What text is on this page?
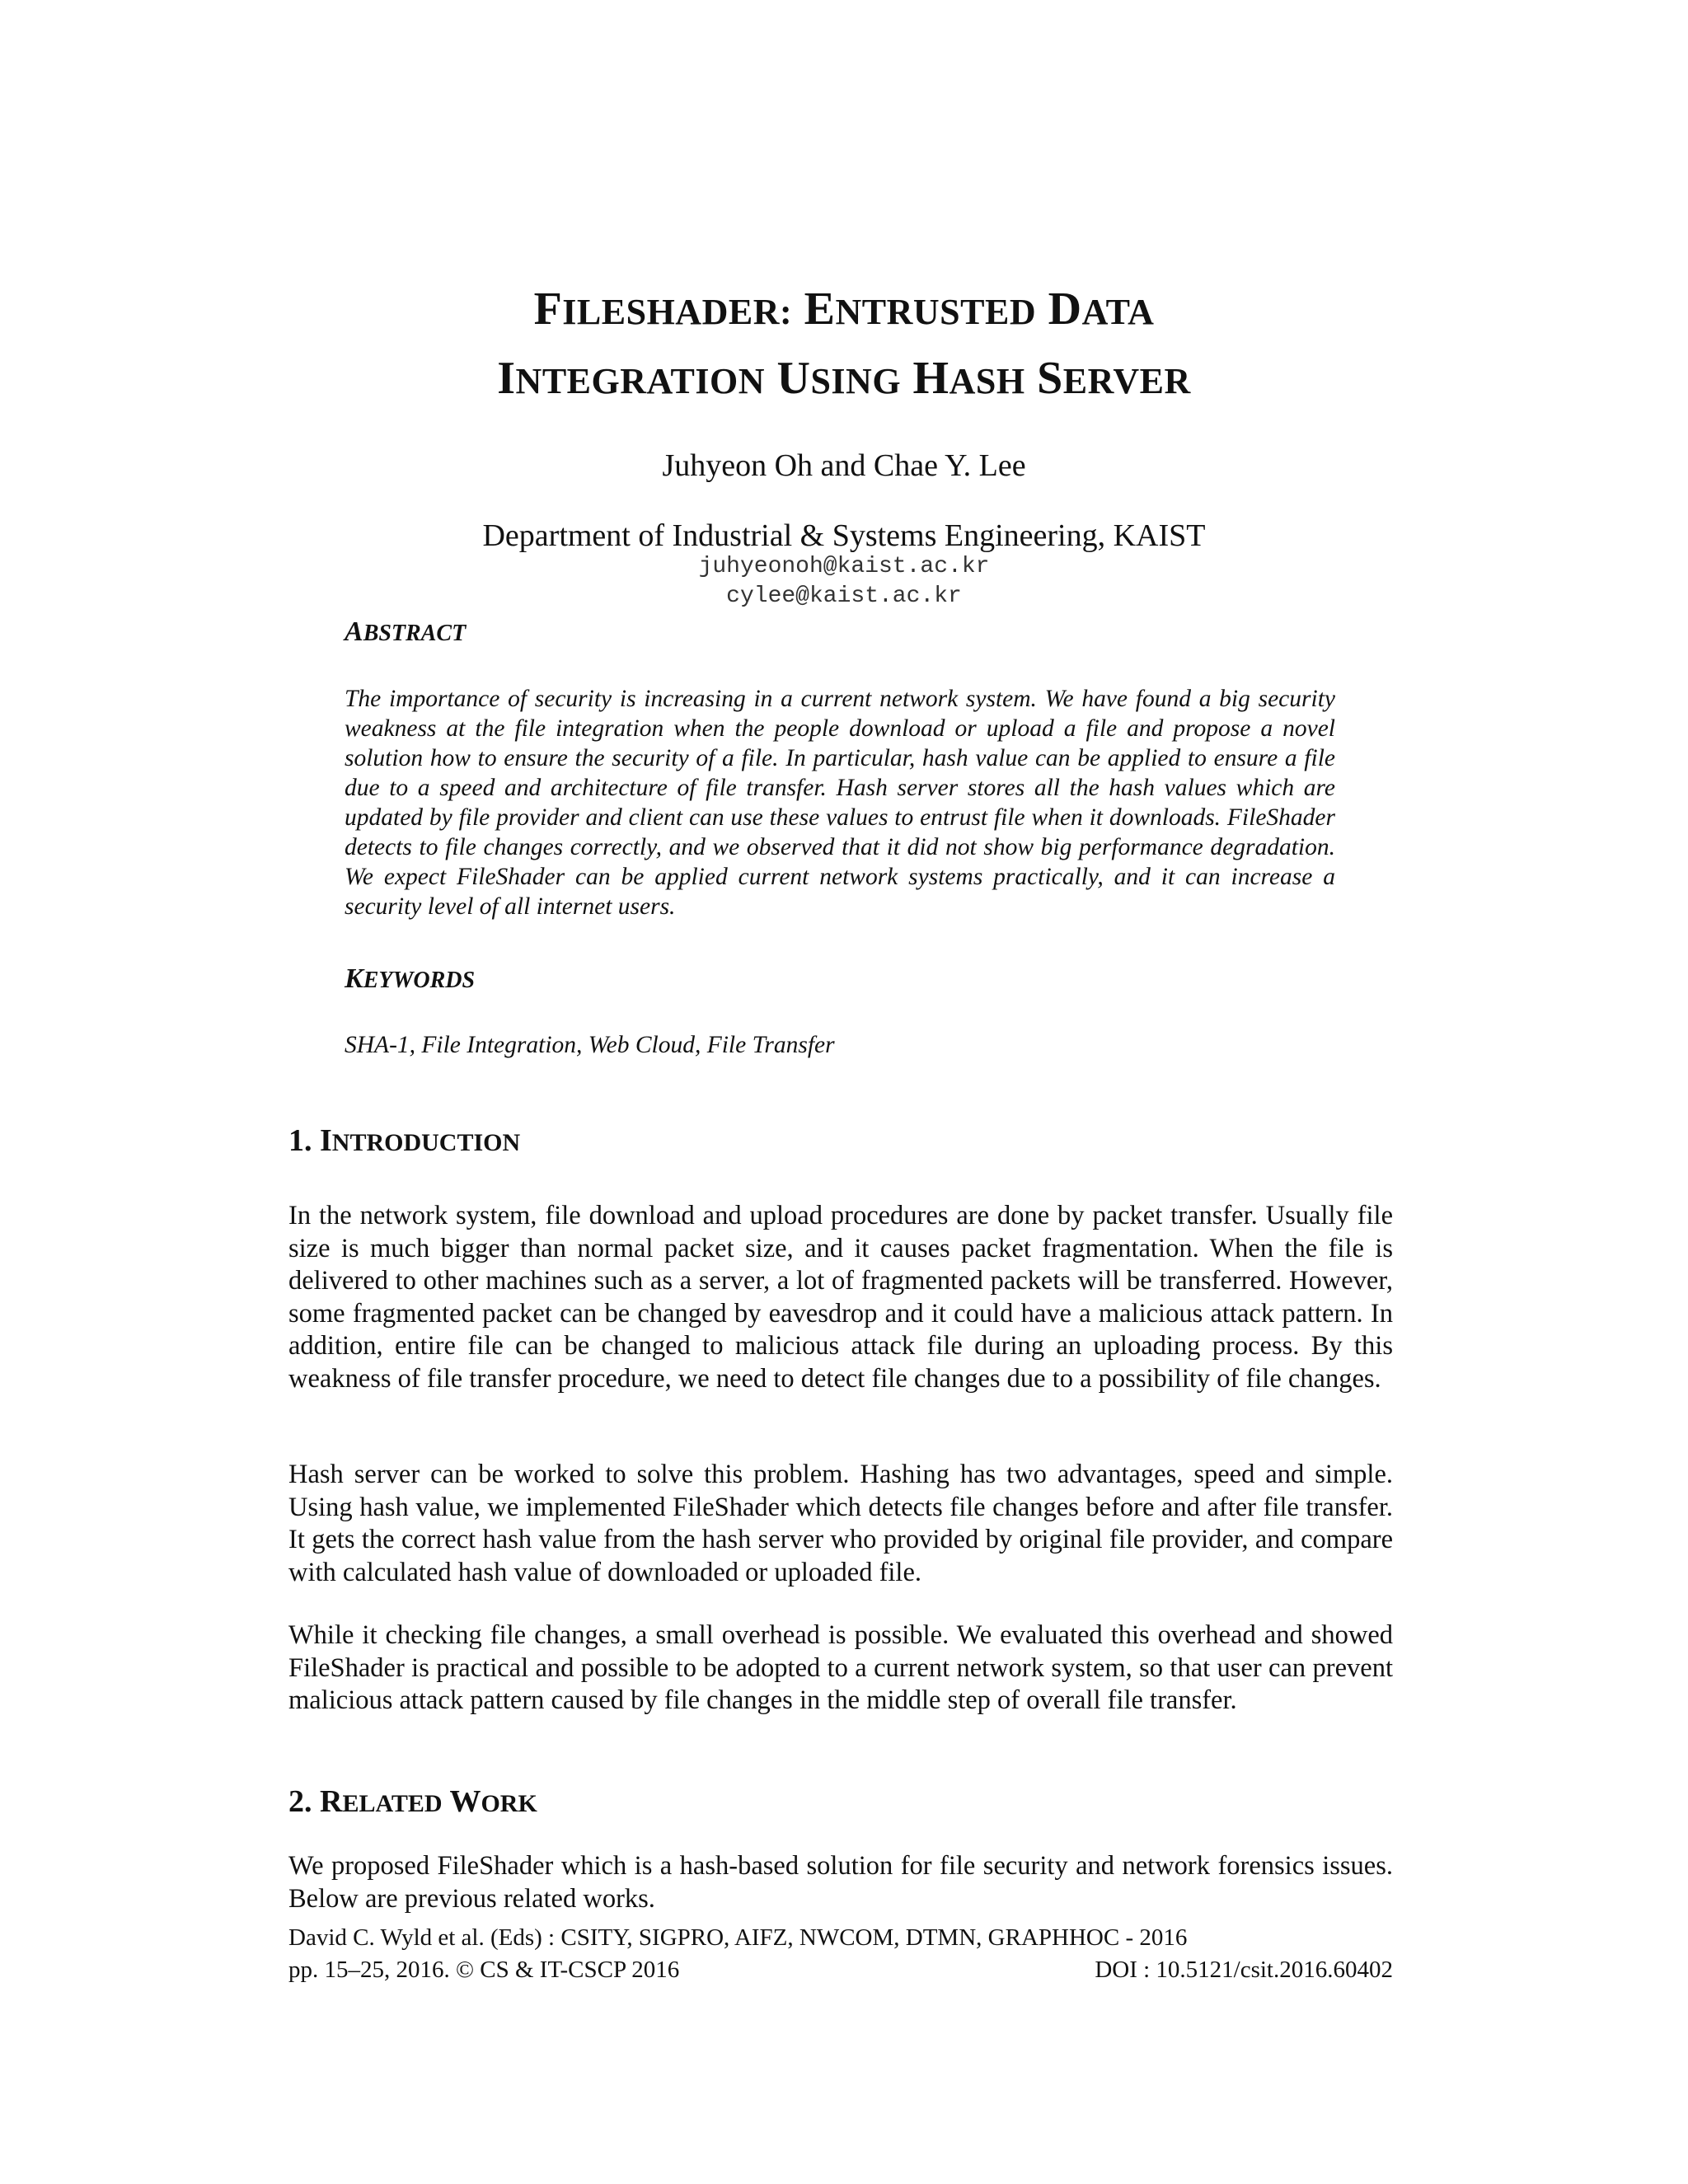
FILESHADER: ENTRUSTED DATA
INTEGRATION USING HASH SERVER
Juhyeon Oh and Chae Y. Lee
Department of Industrial & Systems Engineering, KAIST
juhyeonoh@kaist.ac.kr
cylee@kaist.ac.kr
ABSTRACT
The importance of security is increasing in a current network system. We have found a big security weakness at the file integration when the people download or upload a file and propose a novel solution how to ensure the security of a file. In particular, hash value can be applied to ensure a file due to a speed and architecture of file transfer. Hash server stores all the hash values which are updated by file provider and client can use these values to entrust file when it downloads. FileShader detects to file changes correctly, and we observed that it did not show big performance degradation. We expect FileShader can be applied current network systems practically, and it can increase a security level of all internet users.
KEYWORDS
SHA-1, File Integration, Web Cloud, File Transfer
1. INTRODUCTION
In the network system, file download and upload procedures are done by packet transfer. Usually file size is much bigger than normal packet size, and it causes packet fragmentation. When the file is delivered to other machines such as a server, a lot of fragmented packets will be transferred. However, some fragmented packet can be changed by eavesdrop and it could have a malicious attack pattern. In addition, entire file can be changed to malicious attack file during an uploading process. By this weakness of file transfer procedure, we need to detect file changes due to a possibility of file changes.
Hash server can be worked to solve this problem. Hashing has two advantages, speed and simple. Using hash value, we implemented FileShader which detects file changes before and after file transfer. It gets the correct hash value from the hash server who provided by original file provider, and compare with calculated hash value of downloaded or uploaded file.
While it checking file changes, a small overhead is possible. We evaluated this overhead and showed FileShader is practical and possible to be adopted to a current network system, so that user can prevent malicious attack pattern caused by file changes in the middle step of overall file transfer.
2. RELATED WORK
We proposed FileShader which is a hash-based solution for file security and network forensics issues. Below are previous related works.
David C. Wyld et al. (Eds) : CSITY, SIGPRO, AIFZ, NWCOM, DTMN, GRAPHHOC - 2016
pp. 15–25, 2016. © CS & IT-CSCP 2016	DOI : 10.5121/csit.2016.60402
